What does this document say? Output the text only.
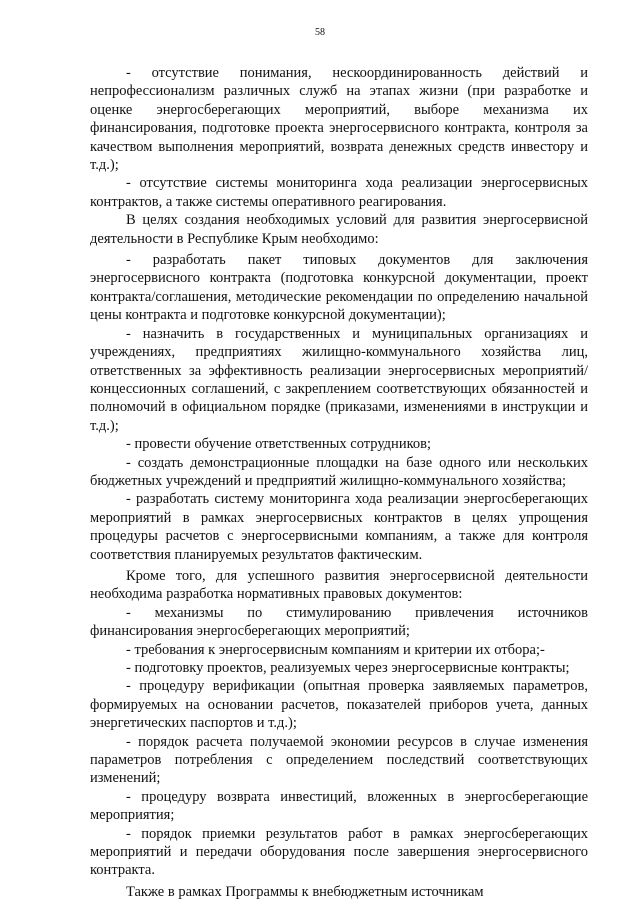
58

- отсутствие понимания, нескоординированность действий и непрофессионализм различных служб на этапах жизни (при разработке и оценке энергосберегающих мероприятий, выборе механизма их финансирования, подготовке проекта энергосервисного контракта, контроля за качеством выполнения мероприятий, возврата денежных средств инвестору и т.д.);

- отсутствие системы мониторинга хода реализации энергосервисных контрактов, а также системы оперативного реагирования.

В целях создания необходимых условий для развития энергосервисной деятельности в Республике Крым необходимо:

- разработать пакет типовых документов для заключения энергосервисного контракта (подготовка конкурсной документации, проект контракта/соглашения, методические рекомендации по определению начальной цены контракта и подготовке конкурсной документации);

- назначить в государственных и муниципальных организациях и учреждениях, предприятиях жилищно-коммунального хозяйства лиц, ответственных за эффективность реализации энергосервисных мероприятий/концессионных соглашений, с закреплением соответствующих обязанностей и полномочий в официальном порядке (приказами, изменениями в инструкции и т.д.);

- провести обучение ответственных сотрудников;

- создать демонстрационные площадки на базе одного или нескольких бюджетных учреждений и предприятий жилищно-коммунального хозяйства;

- разработать систему мониторинга хода реализации энергосберегающих мероприятий в рамках энергосервисных контрактов в целях упрощения процедуры расчетов с энергосервисными компаниям, а также для контроля соответствия планируемых результатов фактическим.

Кроме того, для успешного развития энергосервисной деятельности необходима разработка нормативных правовых документов:

- механизмы по стимулированию привлечения источников финансирования энергосберегающих мероприятий;

- требования к энергосервисным компаниям и критерии их отбора;-

- подготовку проектов, реализуемых через энергосервисные контракты;

- процедуру верификации (опытная проверка заявляемых параметров, формируемых на основании расчетов, показателей приборов учета, данных энергетических паспортов и т.д.);

- порядок расчета получаемой экономии ресурсов в случае изменения параметров потребления с определением последствий соответствующих изменений;

- процедуру возврата инвестиций, вложенных в энергосберегающие мероприятия;

- порядок приемки результатов работ в рамках энергосберегающих мероприятий и передачи оборудования после завершения энергосервисного контракта.

Также в рамках Программы к внебюджетным источникам
